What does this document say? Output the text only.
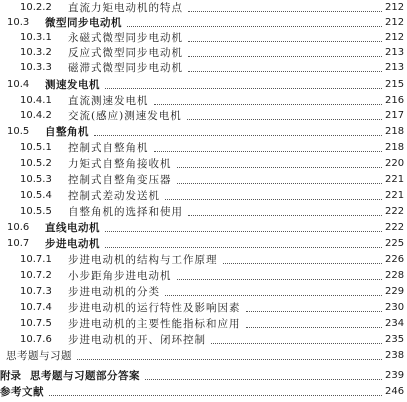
10.2.2	直流力矩电动机的特点	212
10.3	微型同步电动机	212
10.3.1	永磁式微型同步电动机	212
10.3.2	反应式微型同步电动机	213
10.3.3	磁滞式微型同步电动机	213
10.4	测速发电机	215
10.4.1	直流测速发电机	216
10.4.2	交流(感应)测速发电机	217
10.5	自整角机	218
10.5.1	控制式自整角机	218
10.5.2	力矩式自整角接收机	220
10.5.3	控制式自整角变压器	221
10.5.4	控制式差动发送机	221
10.5.5	自整角机的选择和使用	222
10.6	直线电动机	222
10.7	步进电动机	225
10.7.1	步进电动机的结构与工作原理	226
10.7.2	小步距角步进电动机	228
10.7.3	步进电动机的分类	229
10.7.4	步进电动机的运行特性及影响因素	230
10.7.5	步进电动机的主要性能指标和应用	234
10.7.6	步进电动机的开、闭环控制	235
思考题与习题	238
附录 思考题与习题部分答案	239
参考文献	246
